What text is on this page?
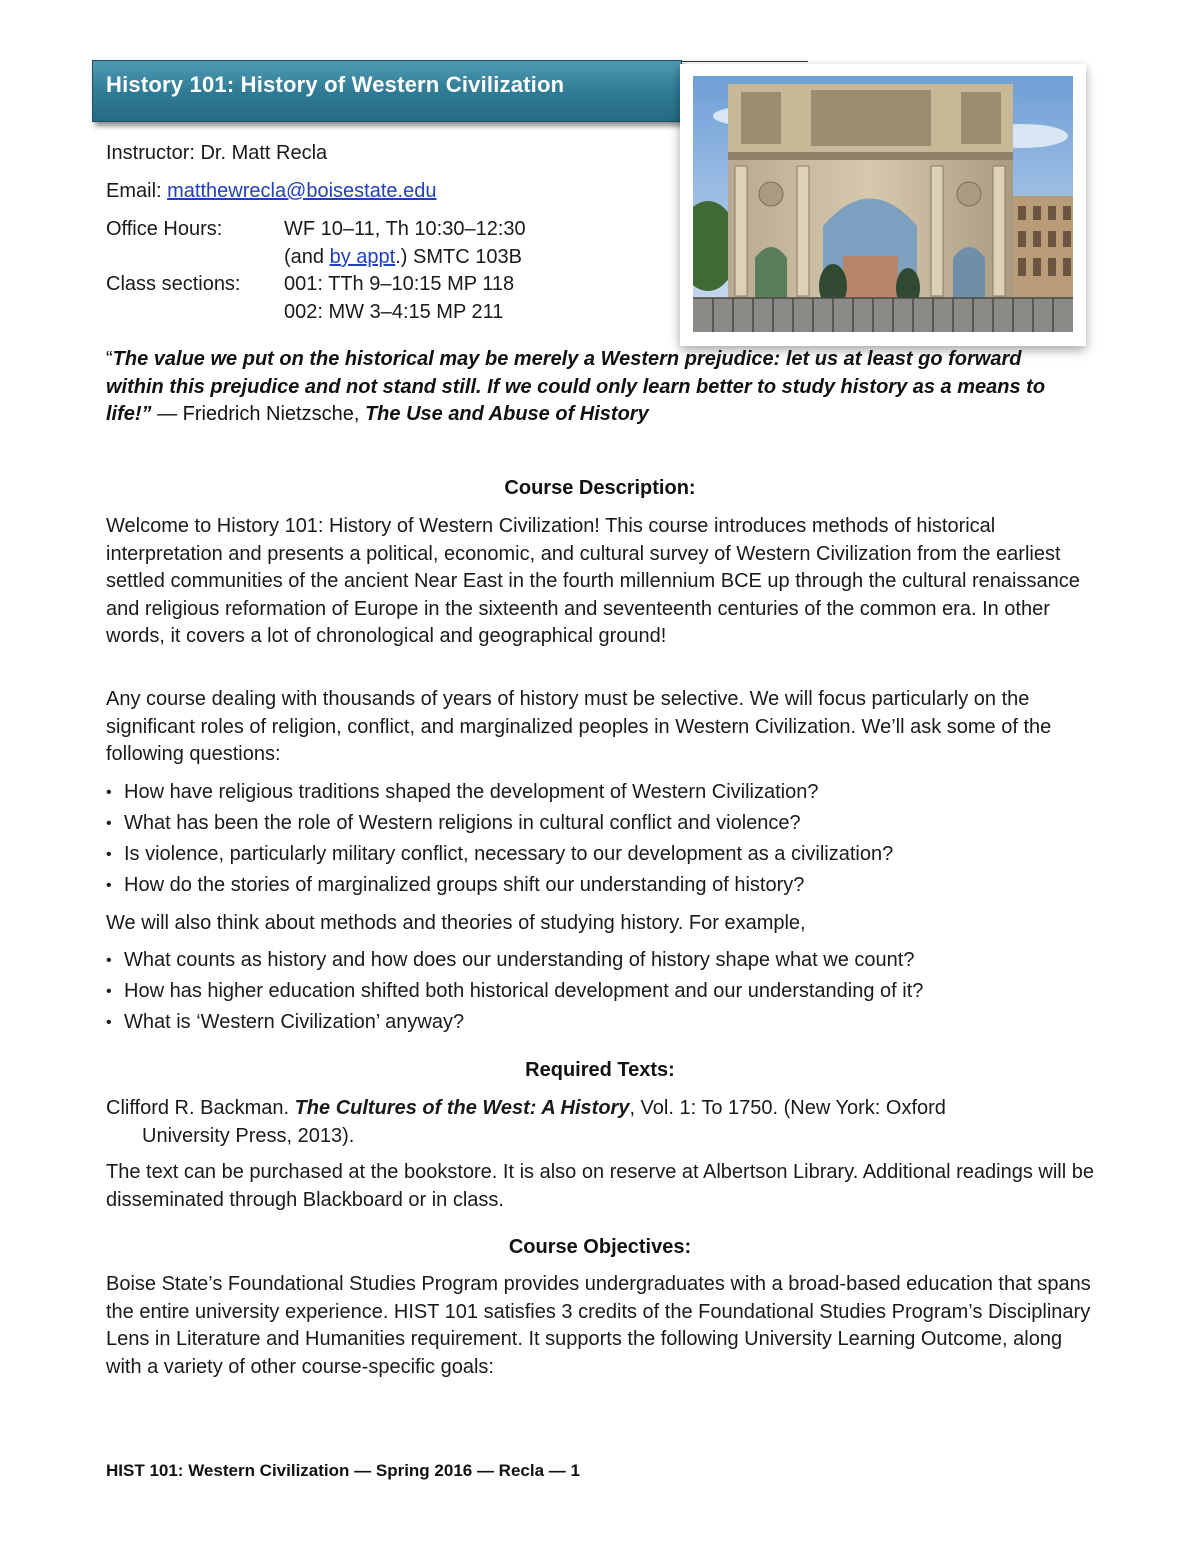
History 101: History of Western Civilization
Instructor: Dr. Matt Recla
Email: matthewrecla@boisestate.edu
Office Hours:	WF 10–11, Th 10:30–12:30
(and by appt.) SMTC 103B
Class sections: 001: TTh 9–10:15 MP 118
002: MW 3–4:15 MP 211
“The value we put on the historical may be merely a Western prejudice: let us at least go forward within this prejudice and not stand still. If we could only learn better to study history as a means to life!” — Friedrich Nietzsche, The Use and Abuse of History
Course Description:
Welcome to History 101: History of Western Civilization! This course introduces methods of historical interpretation and presents a political, economic, and cultural survey of Western Civilization from the earliest settled communities of the ancient Near East in the fourth millennium BCE up through the cultural renaissance and religious reformation of Europe in the sixteenth and seventeenth centuries of the common era. In other words, it covers a lot of chronological and geographical ground!
Any course dealing with thousands of years of history must be selective. We will focus particularly on the significant roles of religion, conflict, and marginalized peoples in Western Civilization. We’ll ask some of the following questions:
• How have religious traditions shaped the development of Western Civilization?
• What has been the role of Western religions in cultural conflict and violence?
• Is violence, particularly military conflict, necessary to our development as a civilization?
• How do the stories of marginalized groups shift our understanding of history?
We will also think about methods and theories of studying history. For example,
• What counts as history and how does our understanding of history shape what we count?
• How has higher education shifted both historical development and our understanding of it?
• What is ‘Western Civilization’ anyway?
Required Texts:
Clifford R. Backman. The Cultures of the West: A History, Vol. 1: To 1750. (New York: Oxford
University Press, 2013).
The text can be purchased at the bookstore. It is also on reserve at Albertson Library. Additional readings will be disseminated through Blackboard or in class.
Course Objectives:
Boise State’s Foundational Studies Program provides undergraduates with a broad-based education that spans the entire university experience. HIST 101 satisfies 3 credits of the Foundational Studies Program’s Disciplinary Lens in Literature and Humanities requirement. It supports the following University Learning Outcome, along with a variety of other course-specific goals:
HIST 101: Western Civilization — Spring 2016 — Recla — 1
